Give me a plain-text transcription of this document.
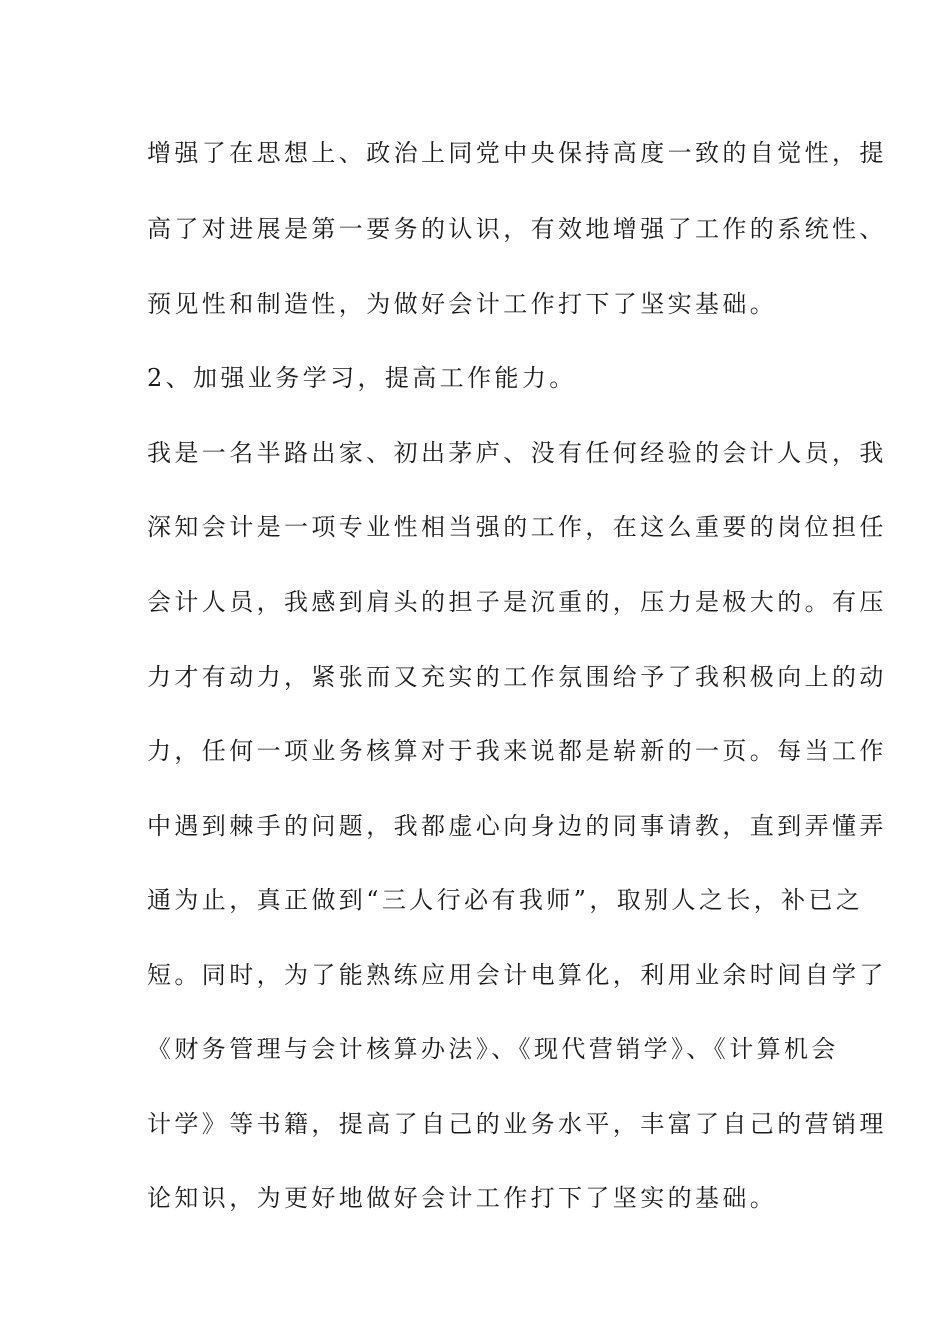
增强了在思想上、政治上同党中央保持高度一致的自觉性，提
高了对进展是第一要务的认识，有效地增强了工作的系统性、
预见性和制造性，为做好会计工作打下了坚实基础。
2、加强业务学习，提高工作能力。
我是一名半路出家、初出茅庐、没有任何经验的会计人员，我
深知会计是一项专业性相当强的工作，在这么重要的岗位担任
会计人员，我感到肩头的担子是沉重的，压力是极大的。有压
力才有动力，紧张而又充实的工作氛围给予了我积极向上的动
力，任何一项业务核算对于我来说都是崭新的一页。每当工作
中遇到棘手的问题，我都虚心向身边的同事请教，直到弄懂弄
通为止，真正做到“三人行必有我师”，取别人之长，补已之
短。同时，为了能熟练应用会计电算化，利用业余时间自学了
《财务管理与会计核算办法》、《现代营销学》、《计算机会
计学》等书籍，提高了自己的业务水平，丰富了自己的营销理
论知识，为更好地做好会计工作打下了坚实的基础。
